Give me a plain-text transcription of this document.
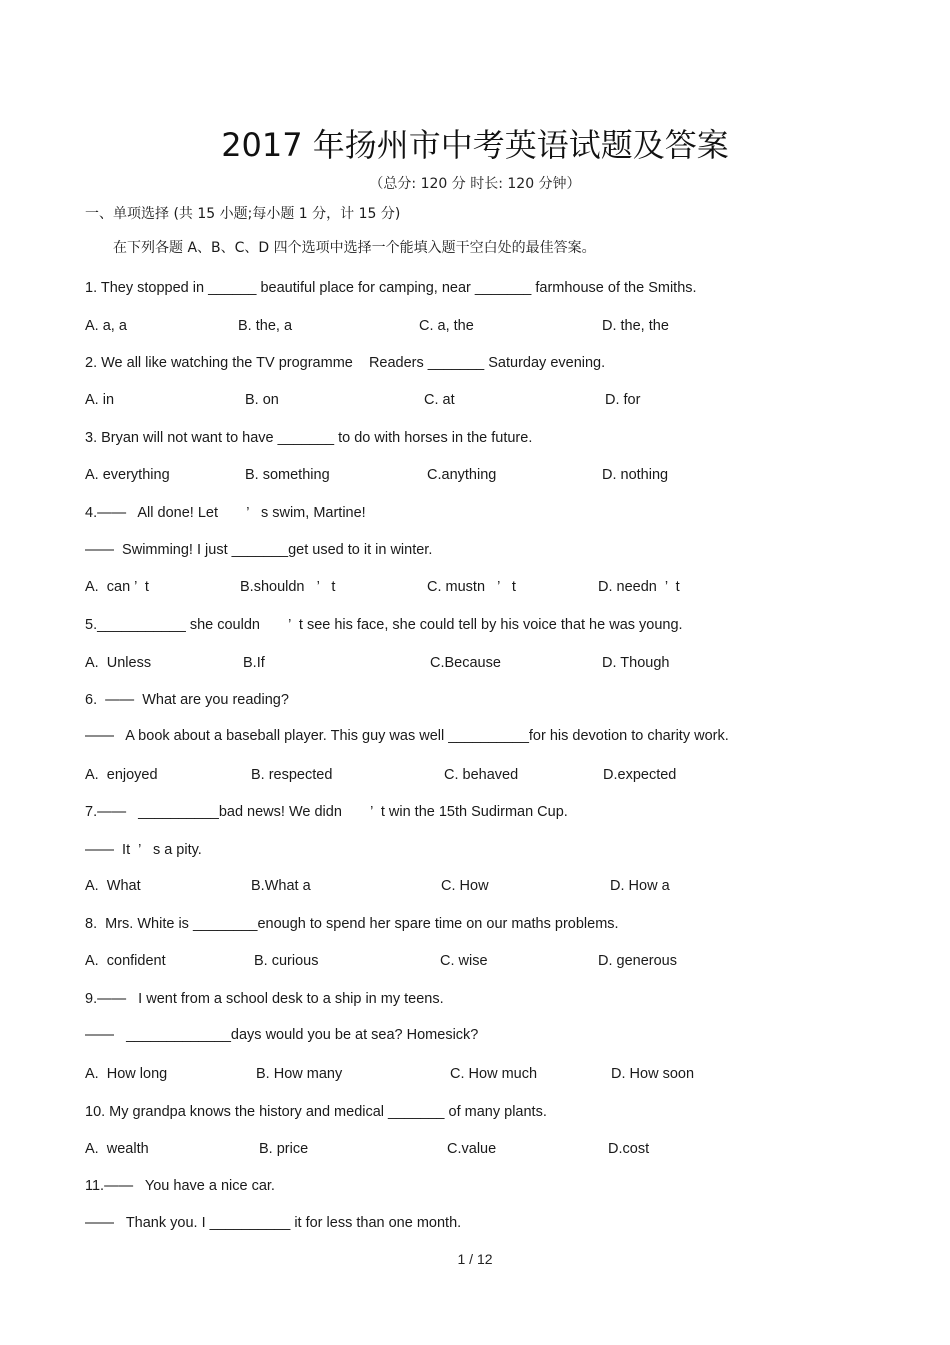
2017 年扬州市中考英语试题及答案
（总分: 120 分 时长: 120 分钟）
一、单项选择 (共 15 小题;每小题 1 分，计 15 分)
在下列各题 A、B、C、D 四个选项中选择一个能填入题干空白处的最佳答案。
1. They stopped in ______ beautiful place for camping, near _______ farmhouse of the Smiths.
A. a, a	B. the, a	C. a, the	D. the, the
2. We all like watching the TV programme    Readers _______ Saturday evening.
A. in	B. on	C. at	D. for
3. Bryan will not want to have _______ to do with horses in the future.
A. everything	B. something	C.anything	D. nothing
4.——   All done! Let       ’   s swim, Martine!
——  Swimming! I just _______get used to it in winter.
A.  can ’  t	B.shouldn   ’   t	C. mustn   ’   t	D. needn  ’  t
5.___________ she couldn       ’  t see his face, she could tell by his voice that he was young.
A.  Unless	B.If	C.Because	D. Though
6.  ——  What are you reading?
——   A book about a baseball player. This guy was well __________for his devotion to charity work.
A.  enjoyed	B. respected	C. behaved	D.expected
7.——   __________bad news! We didn       ’  t win the 15th Sudirman Cup.
——  It  ’   s a pity.
A.  What	B.What a	C. How	D. How a
8.  Mrs. White is ________enough to spend her spare time on our maths problems.
A.  confident	B. curious	C. wise	D. generous
9.——   I went from a school desk to a ship in my teens.
——   _____________days would you be at sea? Homesick?
A.  How long	B. How many	C. How much	D. How soon
10. My grandpa knows the history and medical _______ of many plants.
A.  wealth	B. price	C.value	D.cost
11.——   You have a nice car.
——   Thank you. I __________ it for less than one month.
1 / 12
